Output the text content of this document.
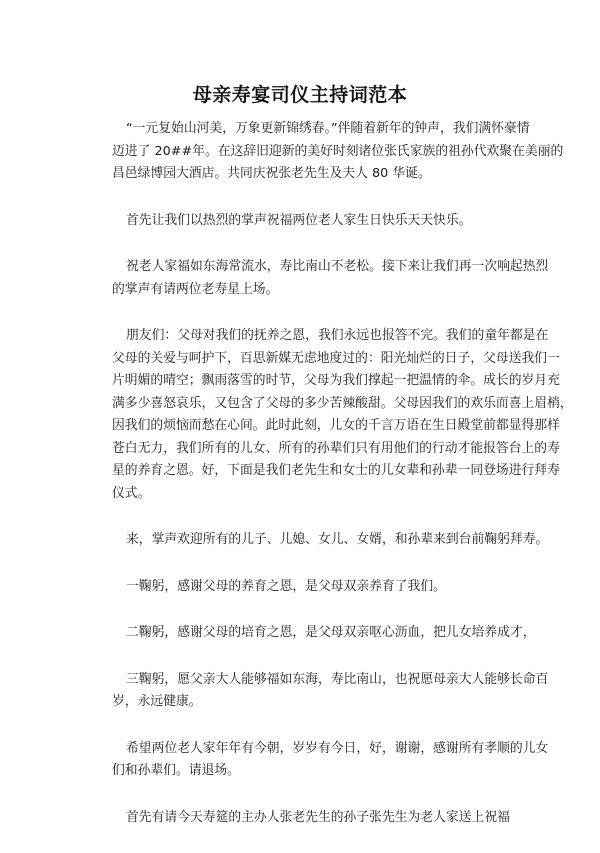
母亲寿宴司仪主持词范本
“一元复始山河美，万象更新锦绣春。”伴随着新年的钟声，我们满怀豪情
迈进了 20##年。在这辞旧迎新的美好时刻诸位张氏家族的祖孙代欢聚在美丽的
昌邑绿博园大酒店。共同庆祝张老先生及夫人 80 华诞。
首先让我们以热烈的掌声祝福两位老人家生日快乐天天快乐。
祝老人家福如东海常流水，寿比南山不老松。接下来让我们再一次响起热烈
的掌声有请两位老寿星上场。
朋友们：父母对我们的抚养之恩，我们永远也报答不完。我们的童年都是在
父母的关爱与呵护下，百思新媒无虑地度过的：阳光灿烂的日子，父母送我们一
片明媚的晴空；飘雨落雪的时节，父母为我们撑起一把温情的伞。成长的岁月充
满多少喜怒哀乐，又包含了父母的多少苦辣酸甜。父母因我们的欢乐而喜上眉梢，
因我们的烦恼而愁在心间。此时此刻，儿女的千言万语在生日殿堂前都显得那样
苍白无力，我们所有的儿女、所有的孙辈们只有用他们的行动才能报答台上的寿
星的养育之恩。好，下面是我们老先生和女士的儿女辈和孙辈一同登场进行拜寿
仪式。
来，掌声欢迎所有的儿子、儿媳、女儿、女婿，和孙辈来到台前鞠躬拜寿。
一鞠躬，感谢父母的养育之恩，是父母双亲养育了我们。
二鞠躬，感谢父母的培育之恩，是父母双亲呕心沥血，把儿女培养成才，
三鞠躬，愿父亲大人能够福如东海，寿比南山，也祝愿母亲大人能够长命百
岁，永远健康。
希望两位老人家年年有今朝，岁岁有今日，好，谢谢，感谢所有孝顺的儿女
们和孙辈们。请退场。
首先有请今天寿筵的主办人张老先生的孙子张先生为老人家送上祝福
